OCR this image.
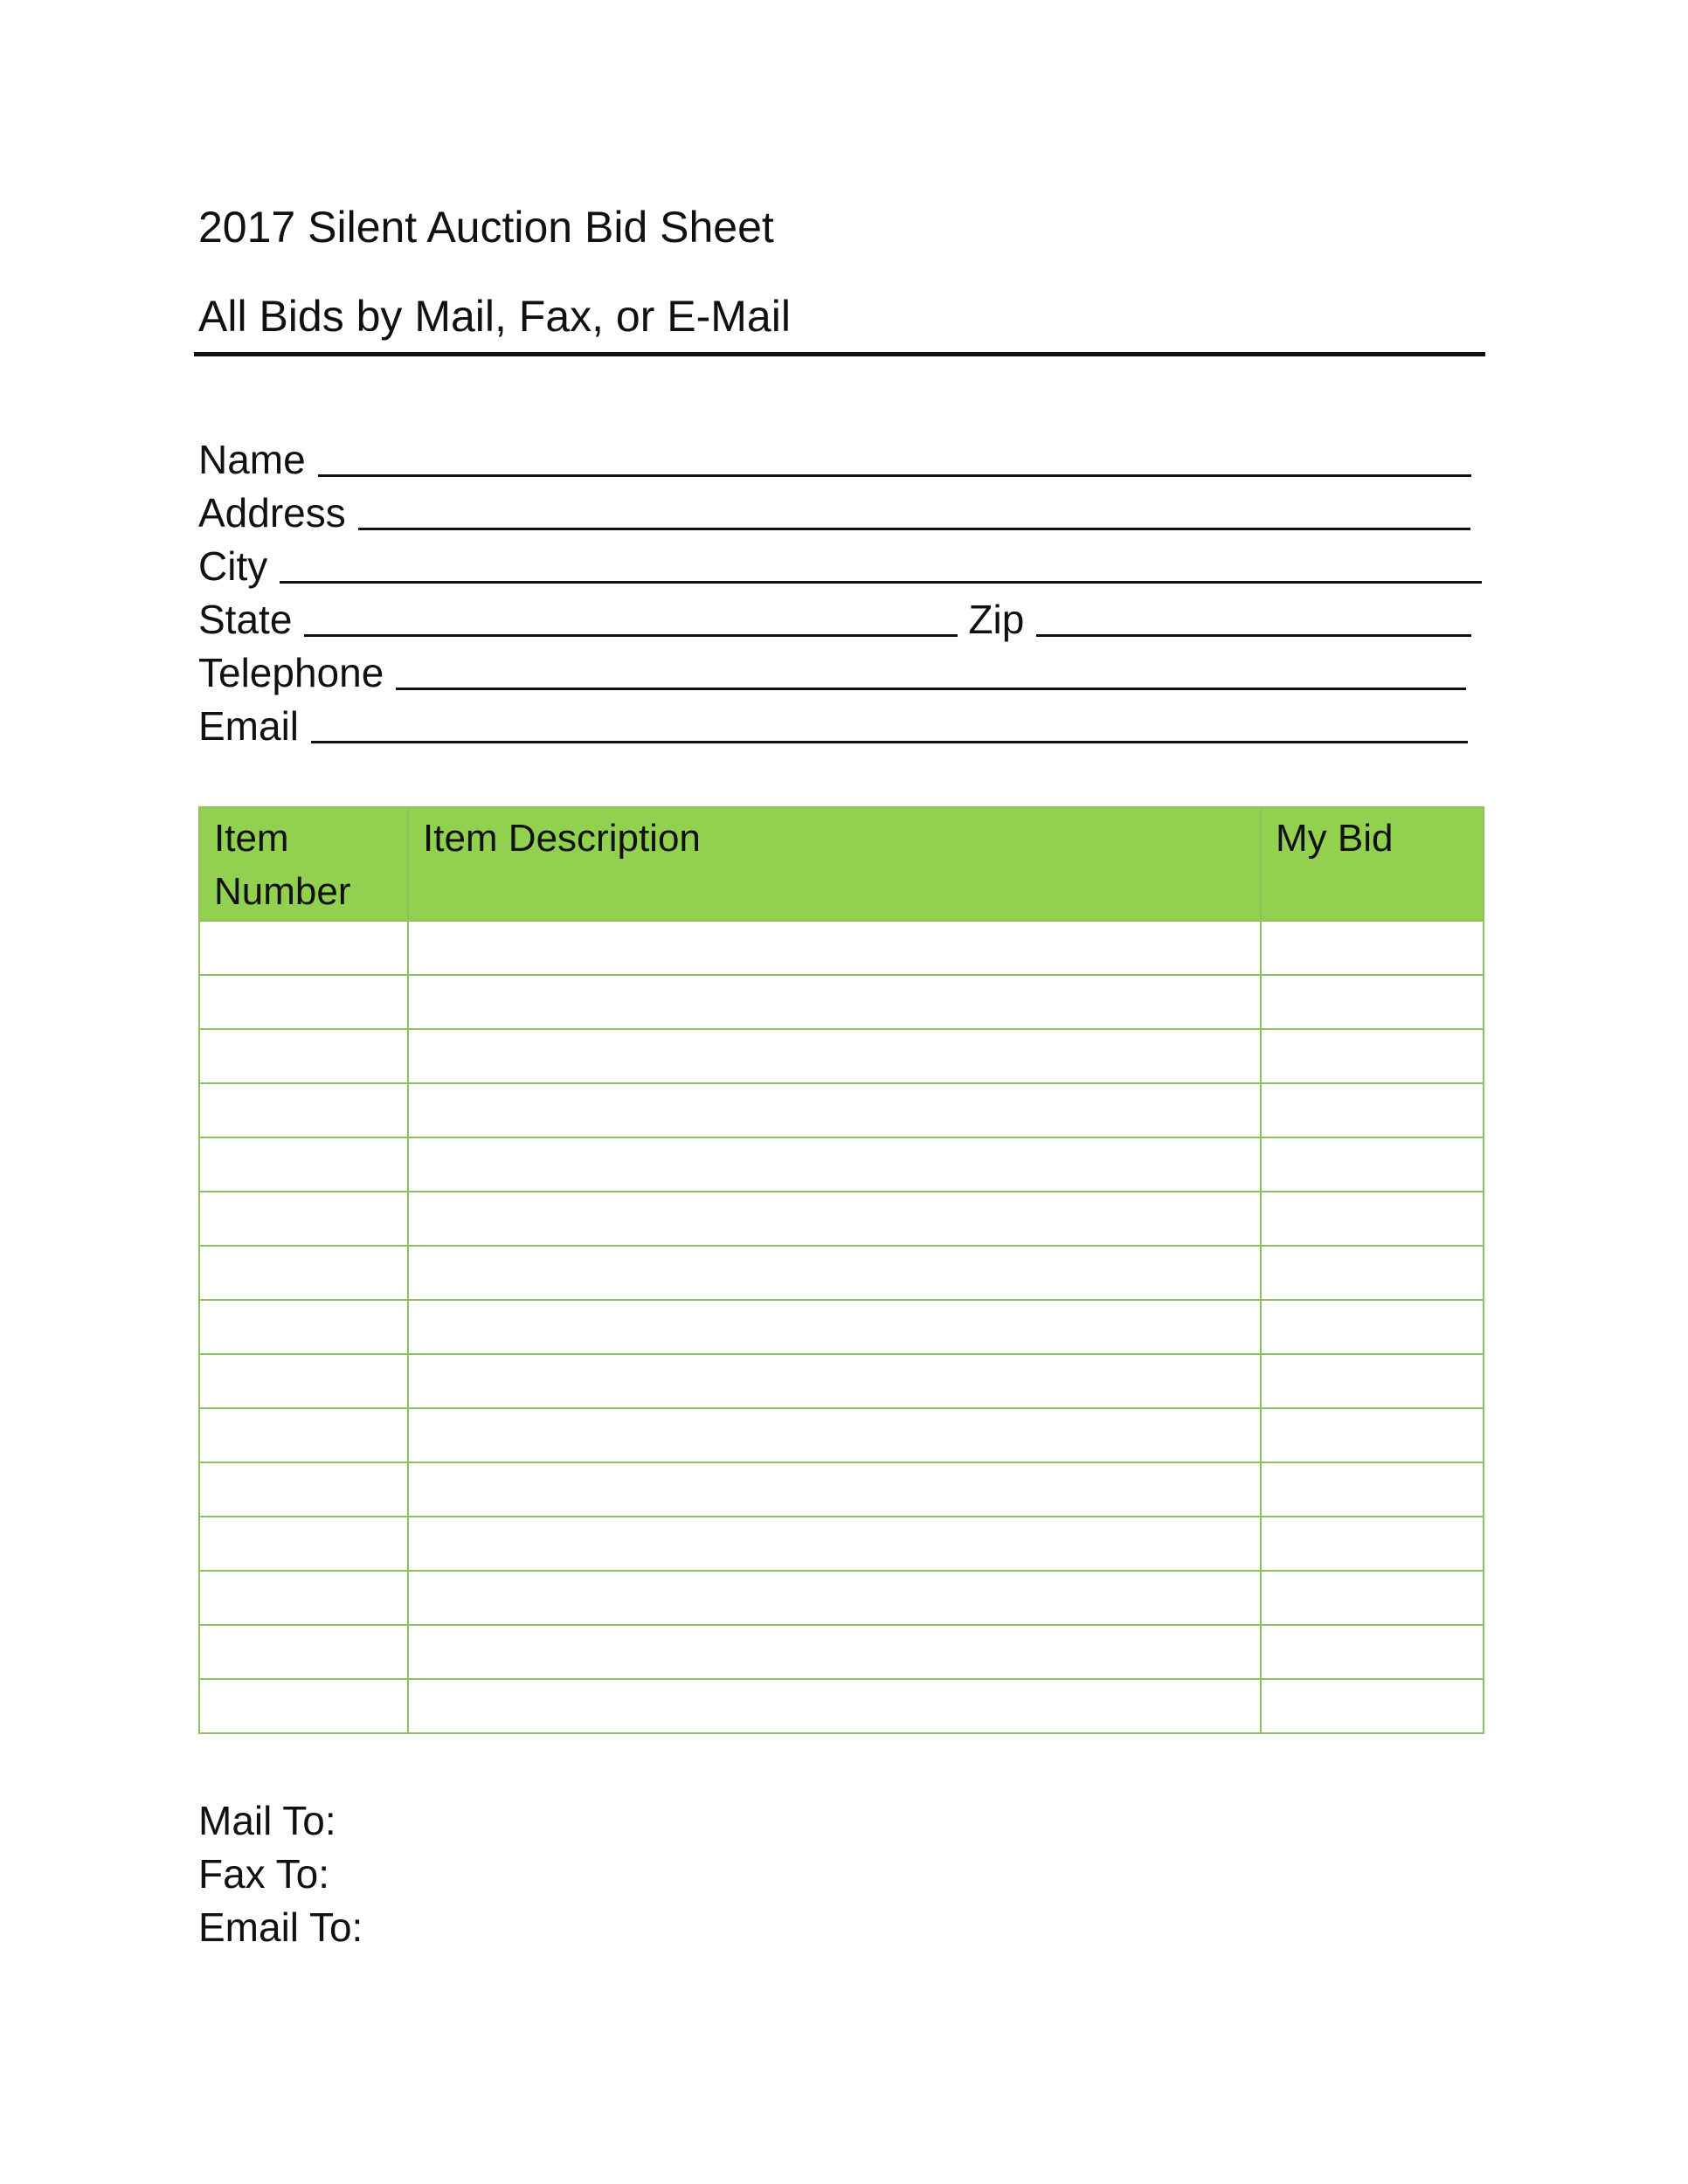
2017 Silent Auction Bid Sheet
All Bids by Mail, Fax, or E-Mail
Name
Address
City
State	Zip
Telephone
Email
Item Number	Item Description	My Bid

Mail To:
Fax To:
Email To:
